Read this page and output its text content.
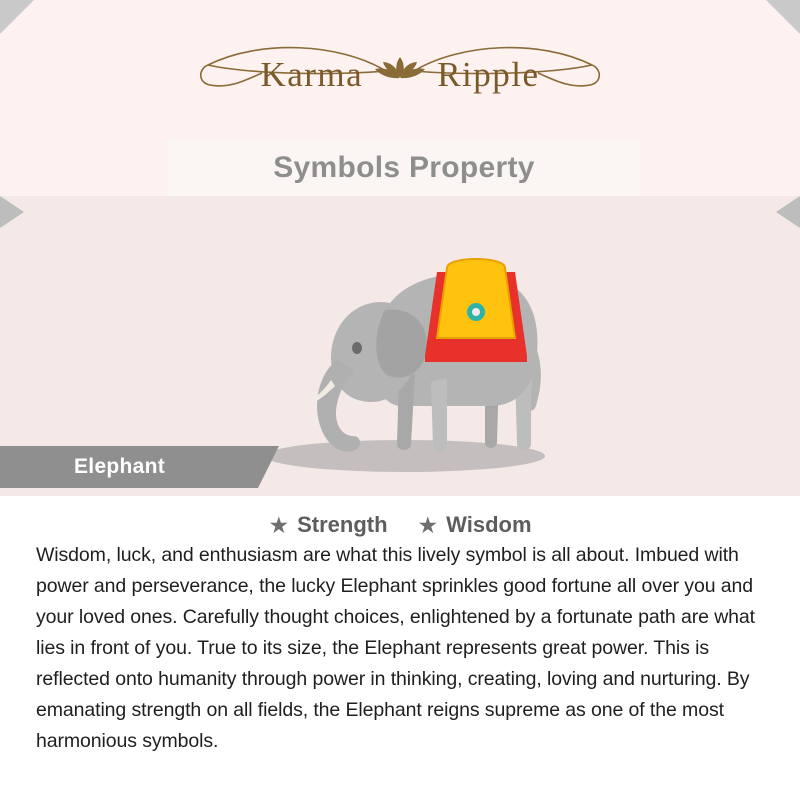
Karma Ripple
Symbols Property
Elephant
★ Strength ★ Wisdom
Wisdom, luck, and enthusiasm are what this lively symbol is all about. Imbued with power and perseverance, the lucky Elephant sprinkles good fortune all over you and your loved ones. Carefully thought choices, enlightened by a fortunate path are what lies in front of you. True to its size, the Elephant represents great power. This is reflected onto humanity through power in thinking, creating, loving and nurturing. By emanating strength on all fields, the Elephant reigns supreme as one of the most harmonious symbols.
